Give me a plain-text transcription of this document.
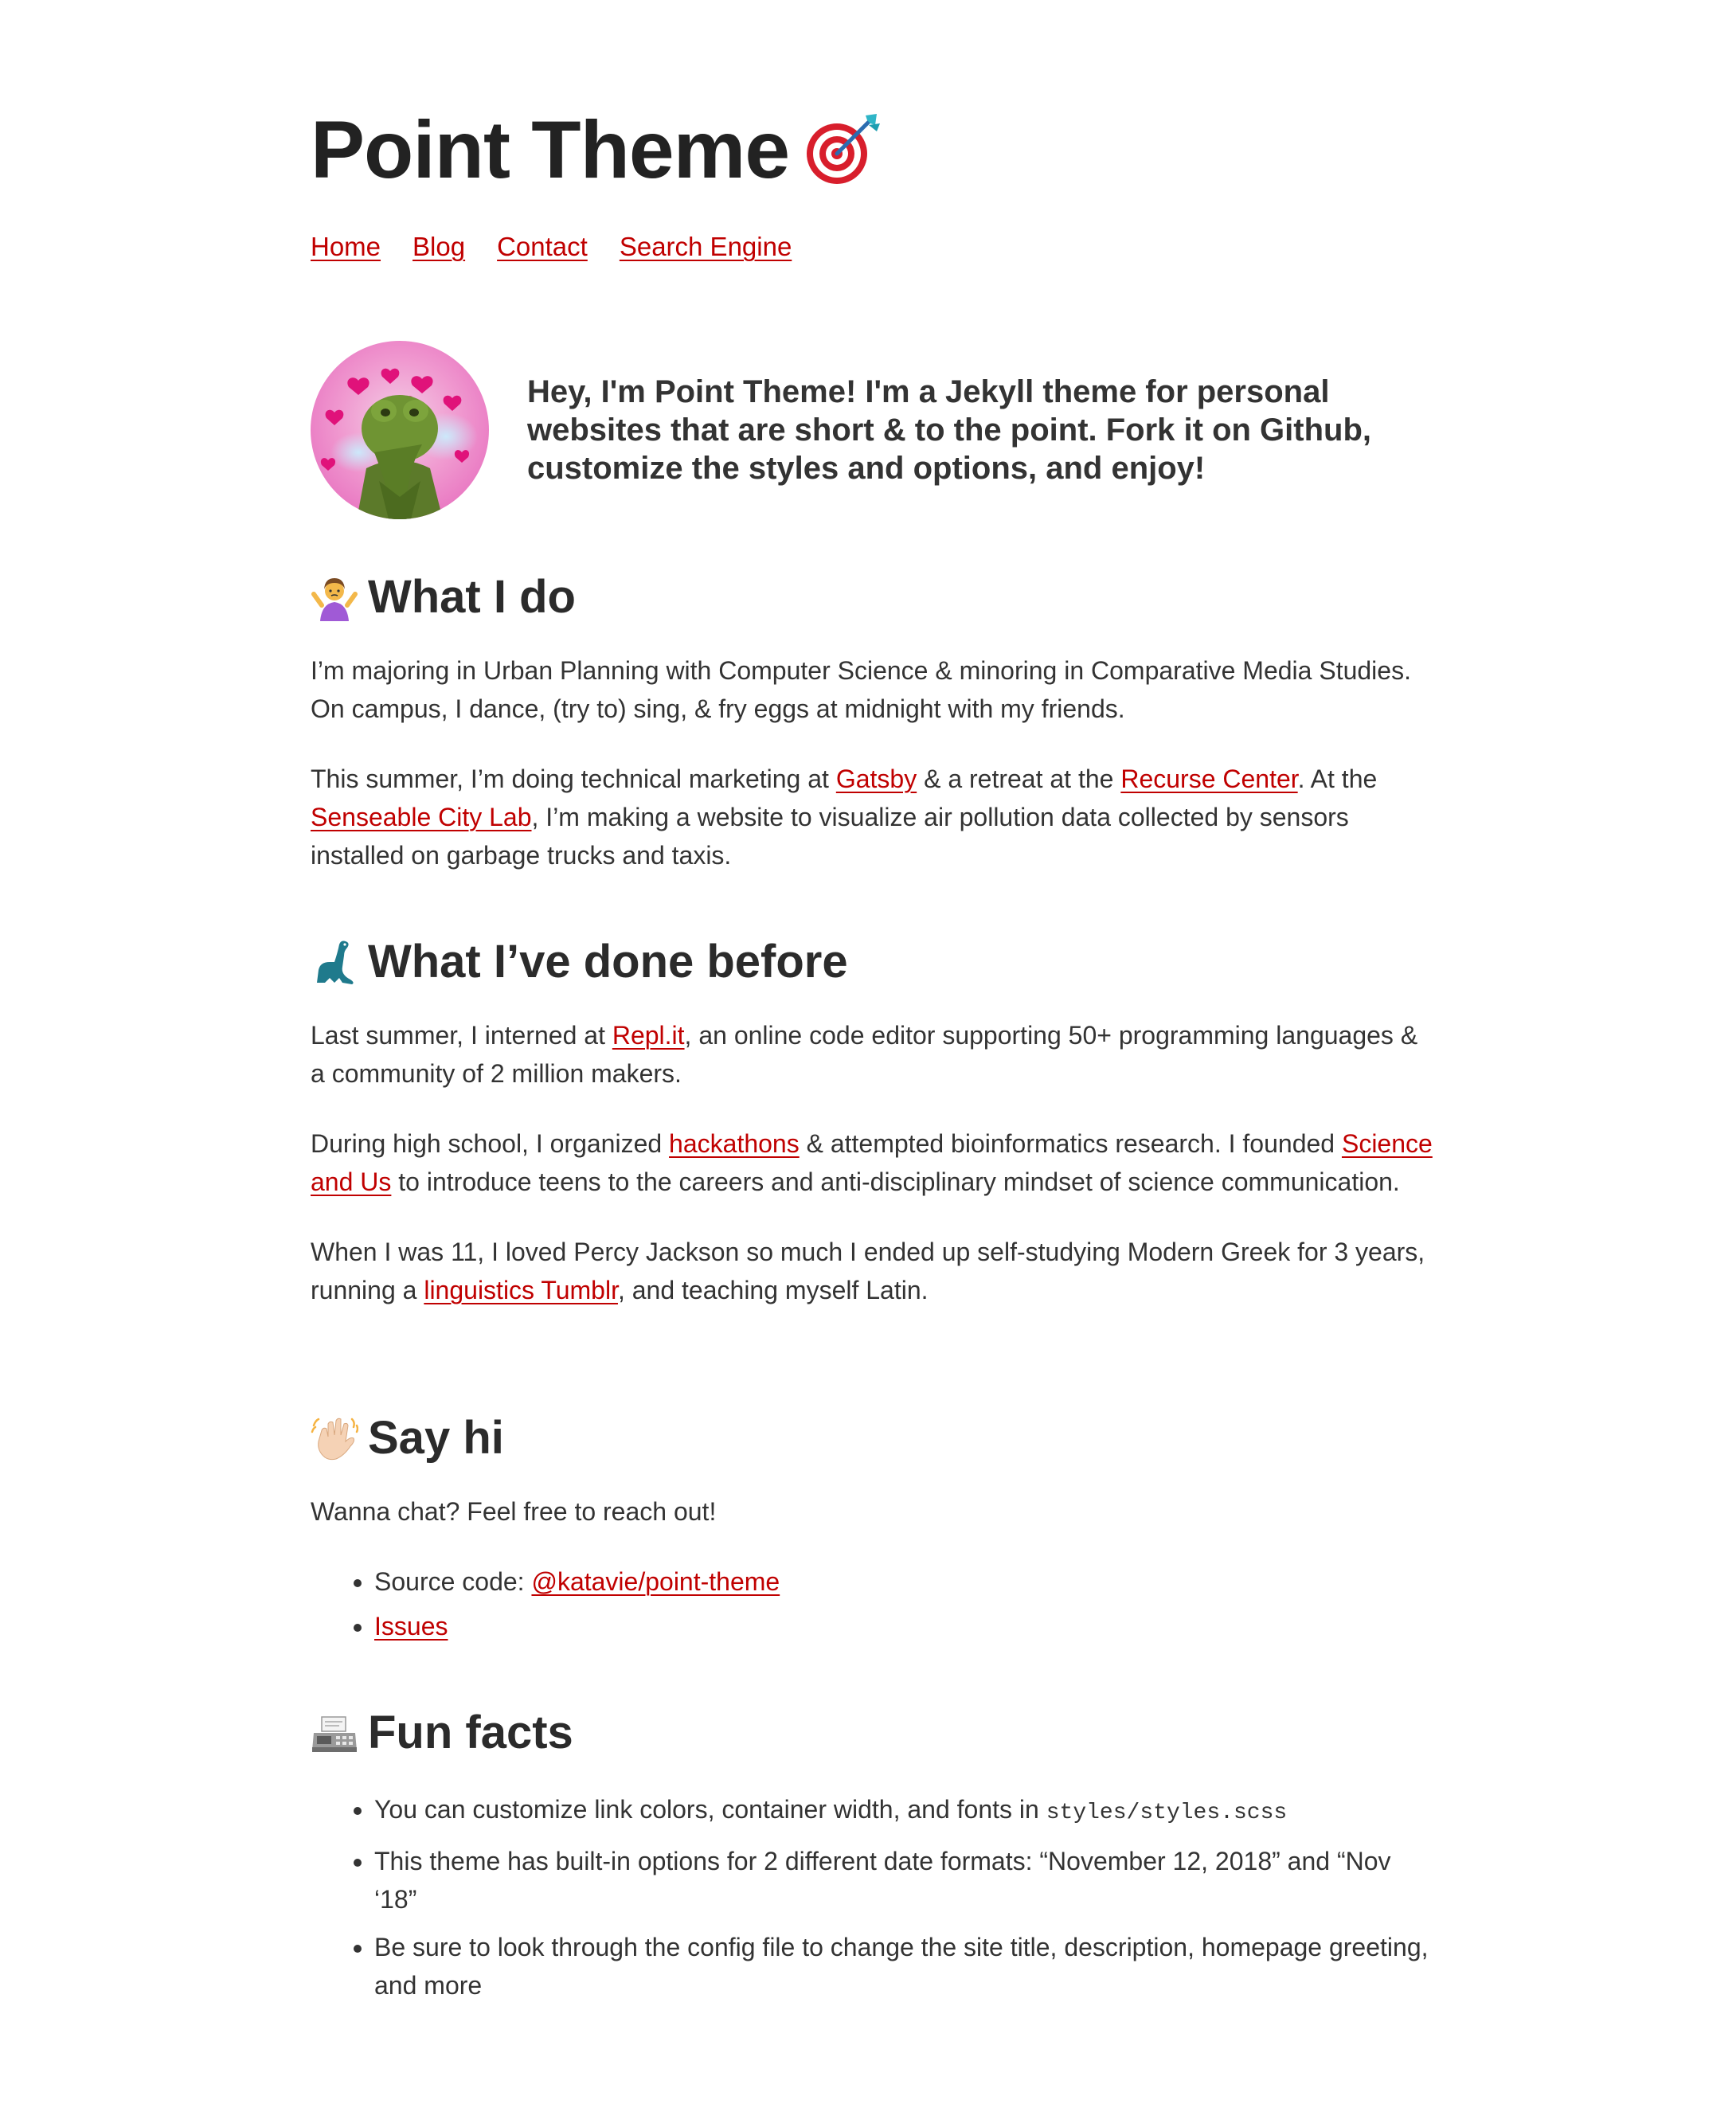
Point Theme
Home Blog Contact Search Engine

Hey, I'm Point Theme! I'm a Jekyll theme for personal websites that are short & to the point. Fork it on Github, customize the styles and options, and enjoy!

What I do

I’m majoring in Urban Planning with Computer Science & minoring in Comparative Media Studies. On campus, I dance, (try to) sing, & fry eggs at midnight with my friends.

This summer, I’m doing technical marketing at Gatsby & a retreat at the Recurse Center. At the Senseable City Lab, I’m making a website to visualize air pollution data collected by sensors installed on garbage trucks and taxis.

What I’ve done before

Last summer, I interned at Repl.it, an online code editor supporting 50+ programming languages & a community of 2 million makers.

During high school, I organized hackathons & attempted bioinformatics research. I founded Science and Us to introduce teens to the careers and anti-disciplinary mindset of science communication.

When I was 11, I loved Percy Jackson so much I ended up self-studying Modern Greek for 3 years, running a linguistics Tumblr, and teaching myself Latin.

Say hi

Wanna chat? Feel free to reach out!

• Source code: @katavie/point-theme
• Issues
Fun facts
• You can customize link colors, container width, and fonts in styles/styles.scss
• This theme has built-in options for 2 different date formats: “November 12, 2018” and “Nov ‘18”
• Be sure to look through the config file to change the site title, description, homepage greeting, and more
